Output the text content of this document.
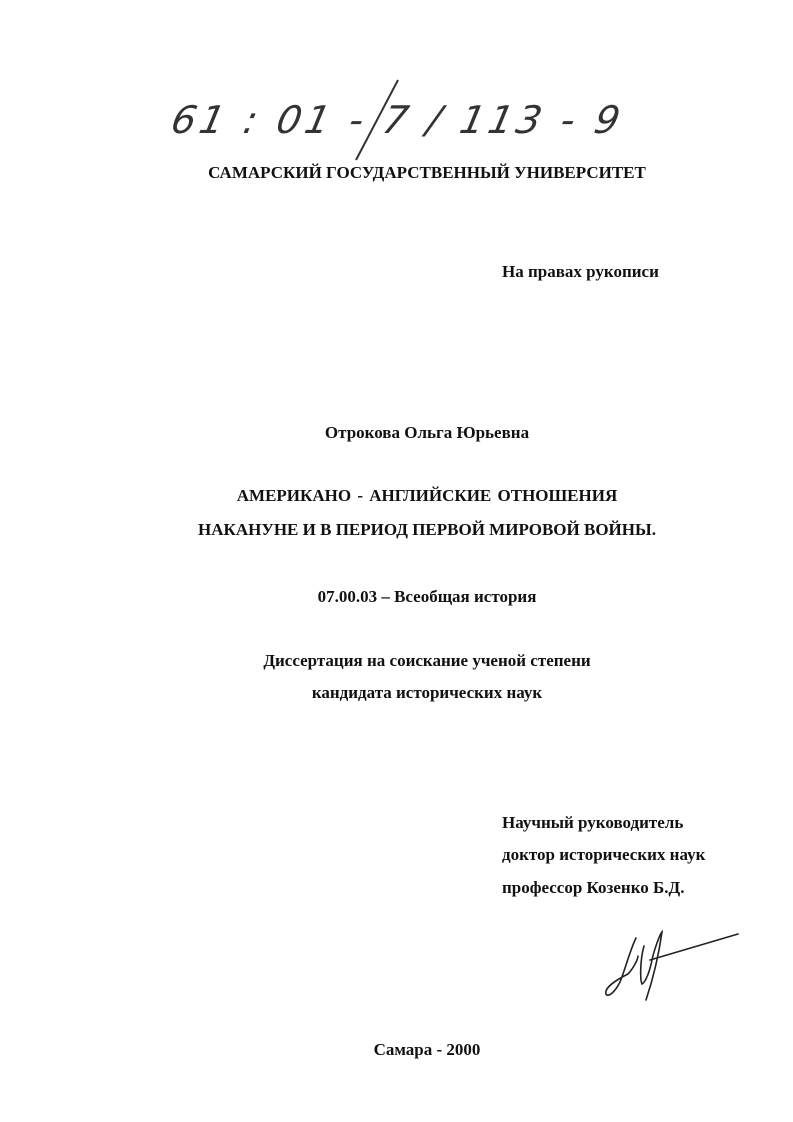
61 : 01 - 7 / 113 - 9
САМАРСКИЙ ГОСУДАРСТВЕННЫЙ УНИВЕРСИТЕТ
На правах рукописи
Отрокова Ольга Юрьевна
АМЕРИКАНО - АНГЛИЙСКИЕ ОТНОШЕНИЯ
НАКАНУНЕ И В ПЕРИОД ПЕРВОЙ МИРОВОЙ ВОЙНЫ.
07.00.03 – Всеобщая история
Диссертация на соискание ученой степени
кандидата исторических наук
Научный руководитель
доктор исторических наук
профессор Козенко Б.Д.
Самара - 2000
